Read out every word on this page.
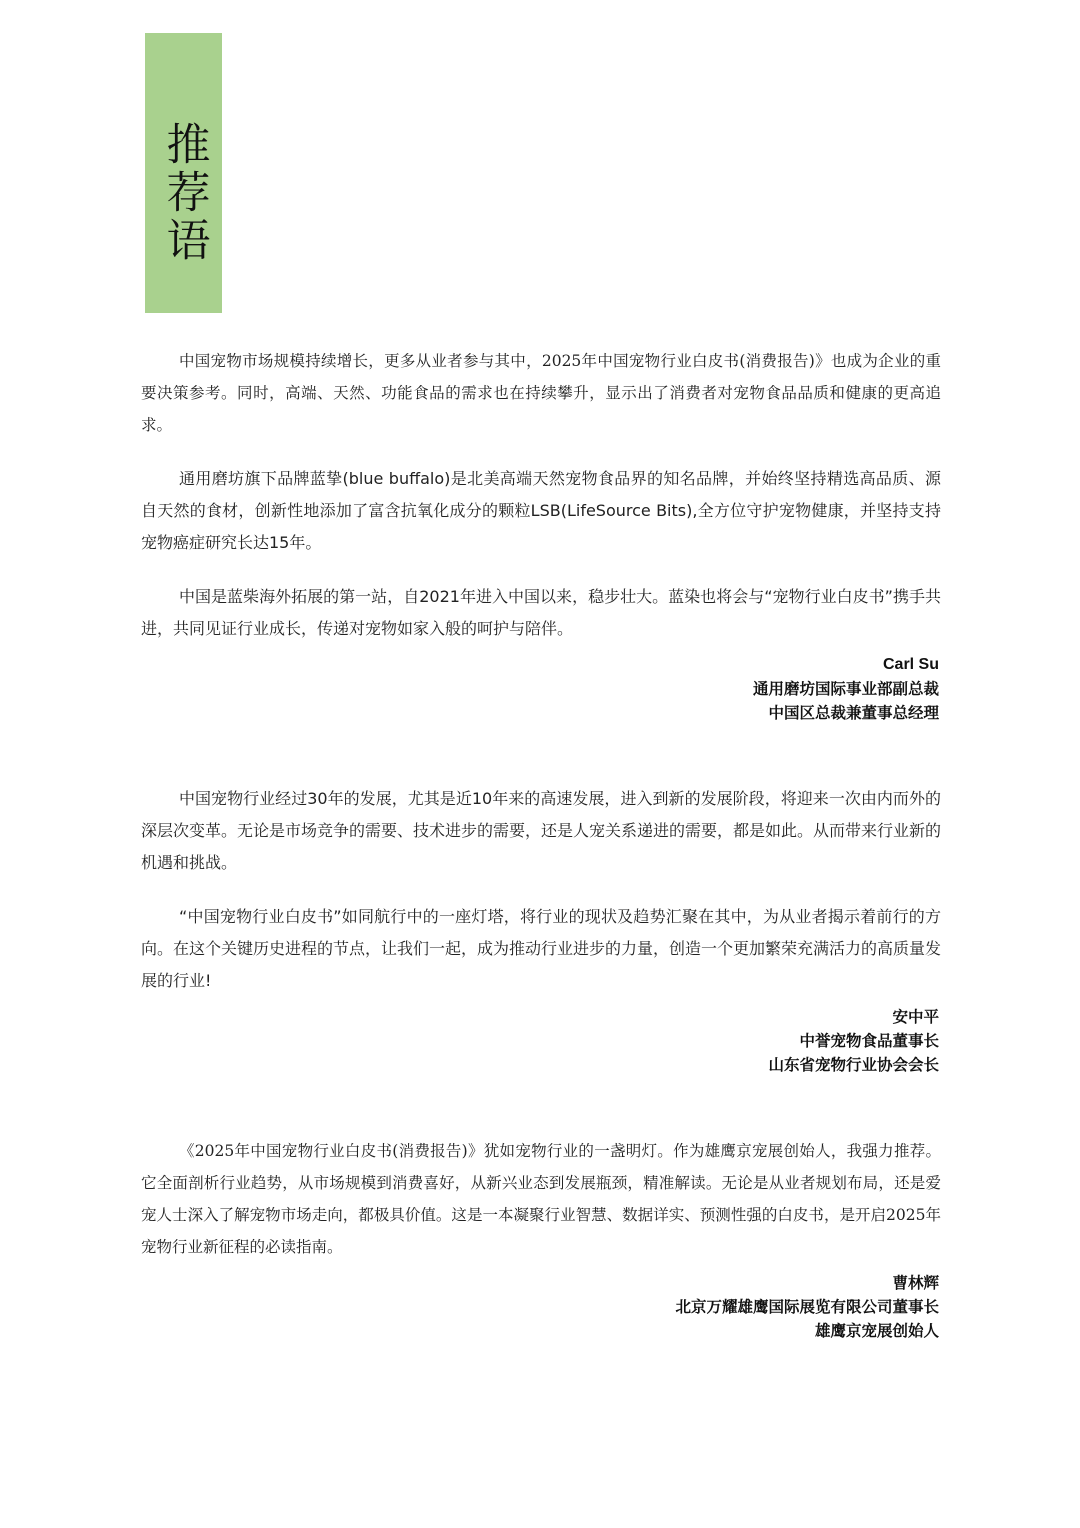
推荐语

中国宠物市场规模持续增长，更多从业者参与其中，2025年中国宠物行业白皮书(消费报告)》也成为企业的重要决策参考。同时，高端、天然、功能食品的需求也在持续攀升，显示出了消费者对宠物食品品质和健康的更高追求。

通用磨坊旗下品牌蓝挚(blue buffalo)是北美高端天然宠物食品界的知名品牌，并始终坚持精选高品质、源自天然的食材，创新性地添加了富含抗氧化成分的颗粒LSB(LifeSource Bits),全方位守护宠物健康，并坚持支持宠物癌症研究长达15年。

中国是蓝柴海外拓展的第一站，自2021年进入中国以来，稳步壮大。蓝染也将会与“宠物行业白皮书”携手共进，共同见证行业成长，传递对宠物如家入般的呵护与陪伴。

Carl Su
通用磨坊国际事业部副总裁
中国区总裁兼董事总经理

中国宠物行业经过30年的发展，尤其是近10年来的高速发展，进入到新的发展阶段，将迎来一次由内而外的深层次变革。无论是市场竞争的需要、技术进步的需要，还是人宠关系递进的需要，都是如此。从而带来行业新的机遇和挑战。

“中国宠物行业白皮书”如同航行中的一座灯塔，将行业的现状及趋势汇聚在其中，为从业者揭示着前行的方向。在这个关键历史进程的节点，让我们一起，成为推动行业进步的力量，创造一个更加繁荣充满活力的高质量发展的行业!

安中平
中誉宠物食品董事长
山东省宠物行业协会会长

《2025年中国宠物行业白皮书(消费报告)》犹如宠物行业的一盏明灯。作为雄鹰京宠展创始人，我强力推荐。它全面剖析行业趋势，从市场规模到消费喜好，从新兴业态到发展瓶颈，精准解读。无论是从业者规划布局，还是爱宠人士深入了解宠物市场走向，都极具价值。这是一本凝聚行业智慧、数据详实、预测性强的白皮书，是开启2025年宠物行业新征程的必读指南。

曹林辉
北京万耀雄鹰国际展览有限公司董事长
雄鹰京宠展创始人
